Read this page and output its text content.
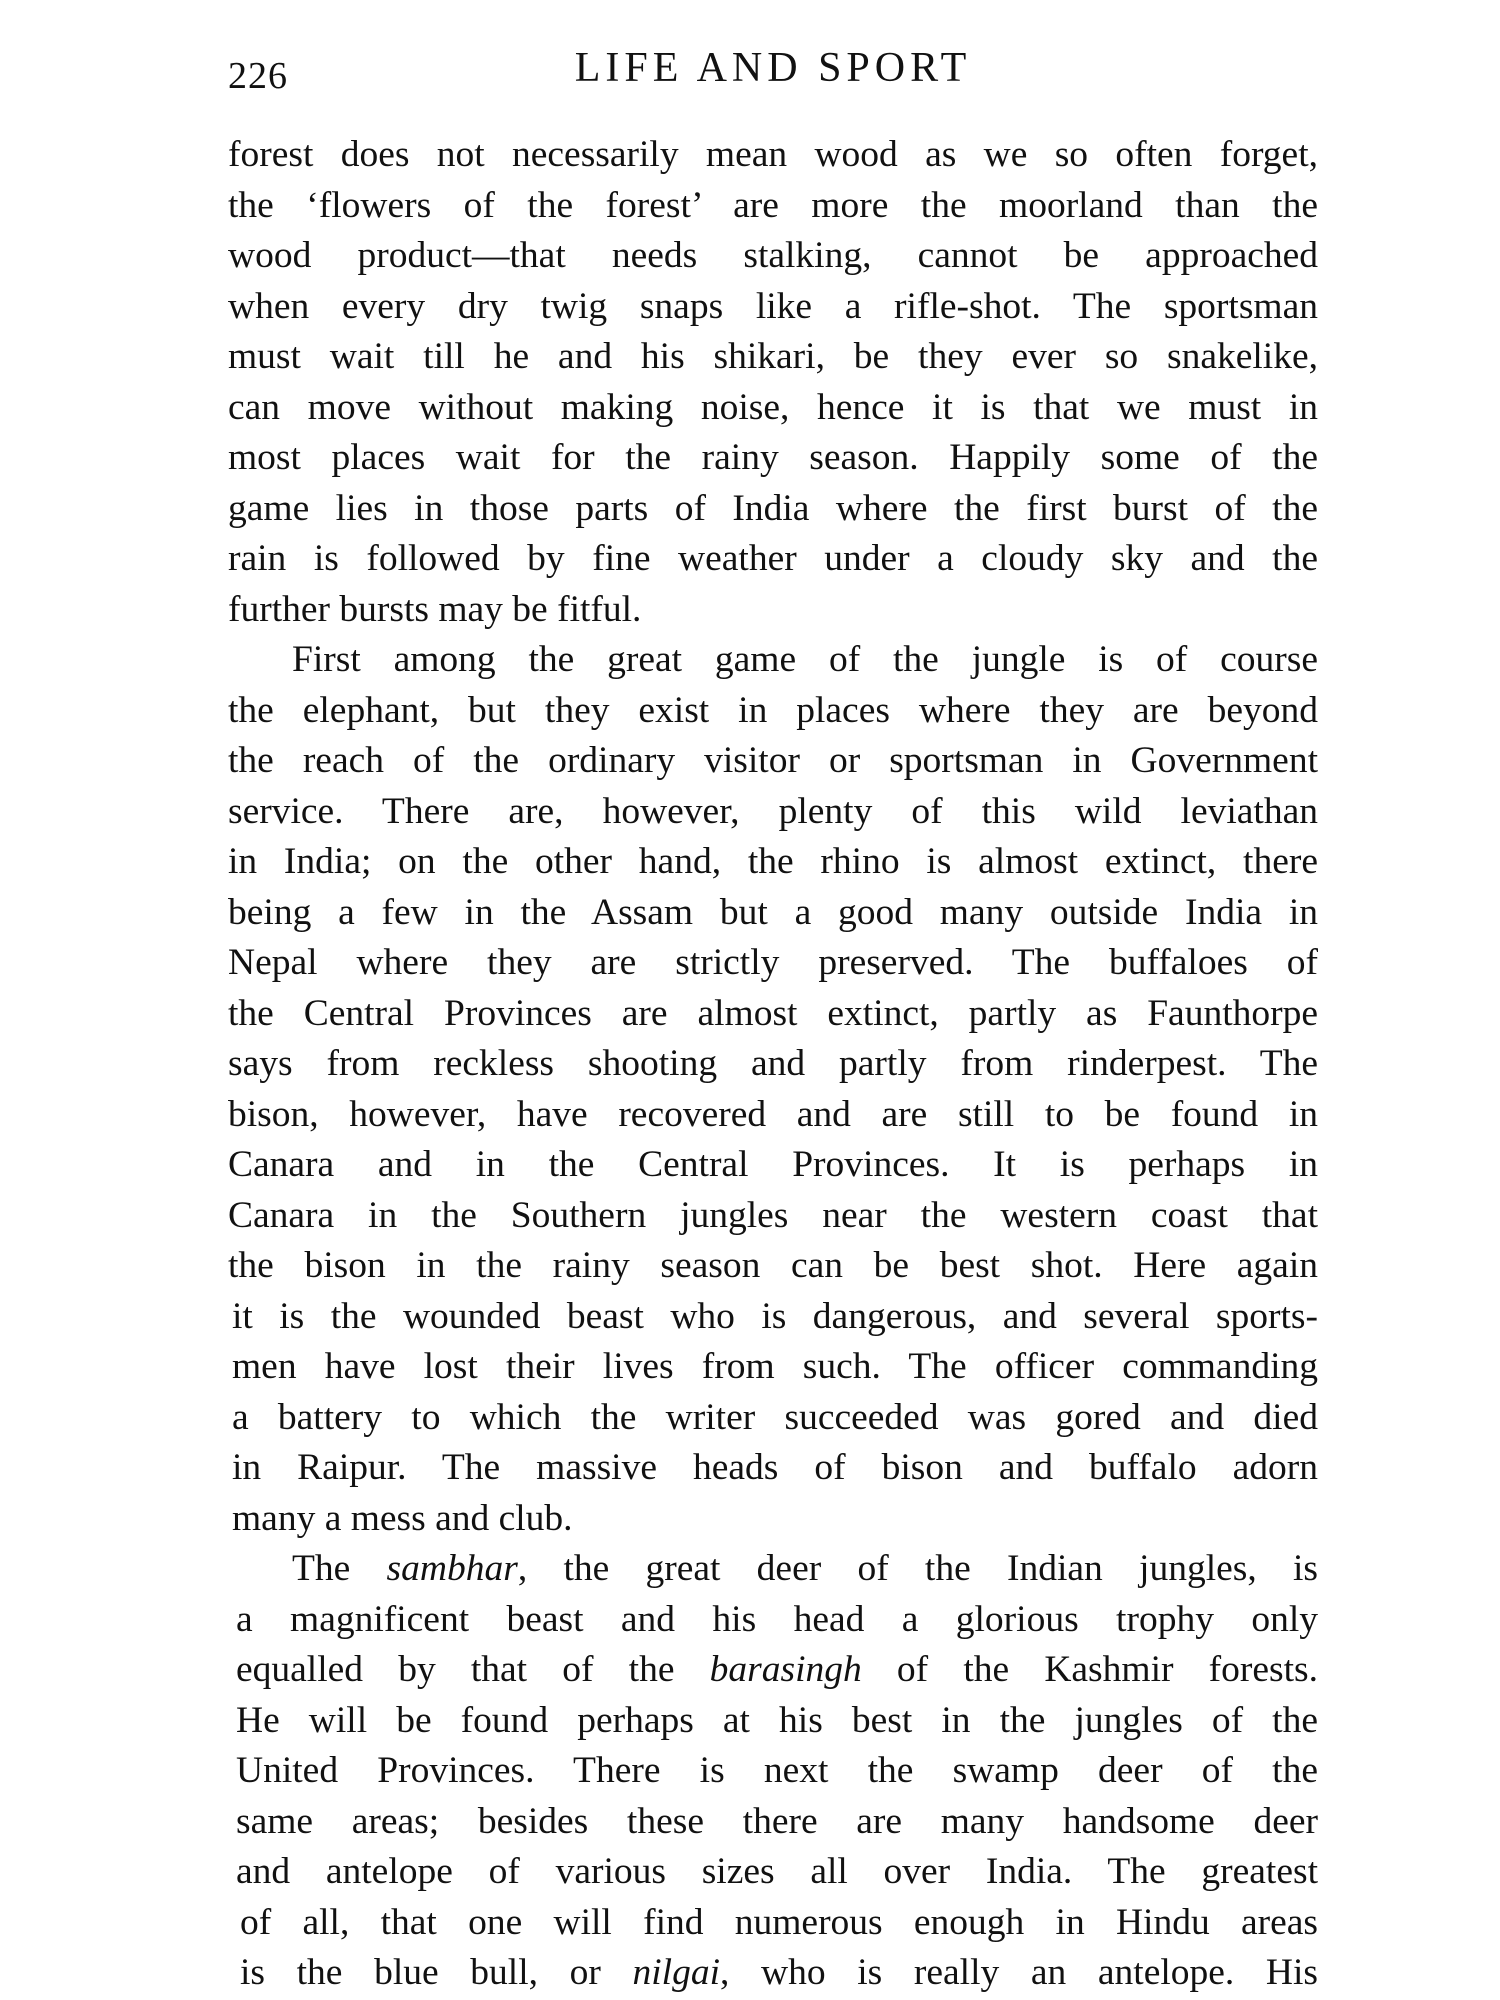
226	LIFE AND SPORT
forest does not necessarily mean wood as we so often forget,
the ‘flowers of the forest’ are more the moorland than the
wood product—that needs stalking, cannot be approached
when every dry twig snaps like a rifle-shot. The sportsman
must wait till he and his shikari, be they ever so snakelike,
can move without making noise, hence it is that we must in
most places wait for the rainy season. Happily some of the
game lies in those parts of India where the first burst of the
rain is followed by fine weather under a cloudy sky and the
further bursts may be fitful.
First among the great game of the jungle is of course
the elephant, but they exist in places where they are beyond
the reach of the ordinary visitor or sportsman in Government
service. There are, however, plenty of this wild leviathan
in India; on the other hand, the rhino is almost extinct, there
being a few in the Assam but a good many outside India in
Nepal where they are strictly preserved. The buffaloes of
the Central Provinces are almost extinct, partly as Faunthorpe
says from reckless shooting and partly from rinderpest. The
bison, however, have recovered and are still to be found in
Canara and in the Central Provinces. It is perhaps in
Canara in the Southern jungles near the western coast that
the bison in the rainy season can be best shot. Here again
it is the wounded beast who is dangerous, and several sports-
men have lost their lives from such. The officer commanding
a battery to which the writer succeeded was gored and died
in Raipur. The massive heads of bison and buffalo adorn
many a mess and club.
The sambhar, the great deer of the Indian jungles, is
a magnificent beast and his head a glorious trophy only
equalled by that of the barasingh of the Kashmir forests.
He will be found perhaps at his best in the jungles of the
United Provinces. There is next the swamp deer of the
same areas; besides these there are many handsome deer
and antelope of various sizes all over India. The greatest
of all, that one will find numerous enough in Hindu areas
is the blue bull, or nilgai, who is really an antelope. His
